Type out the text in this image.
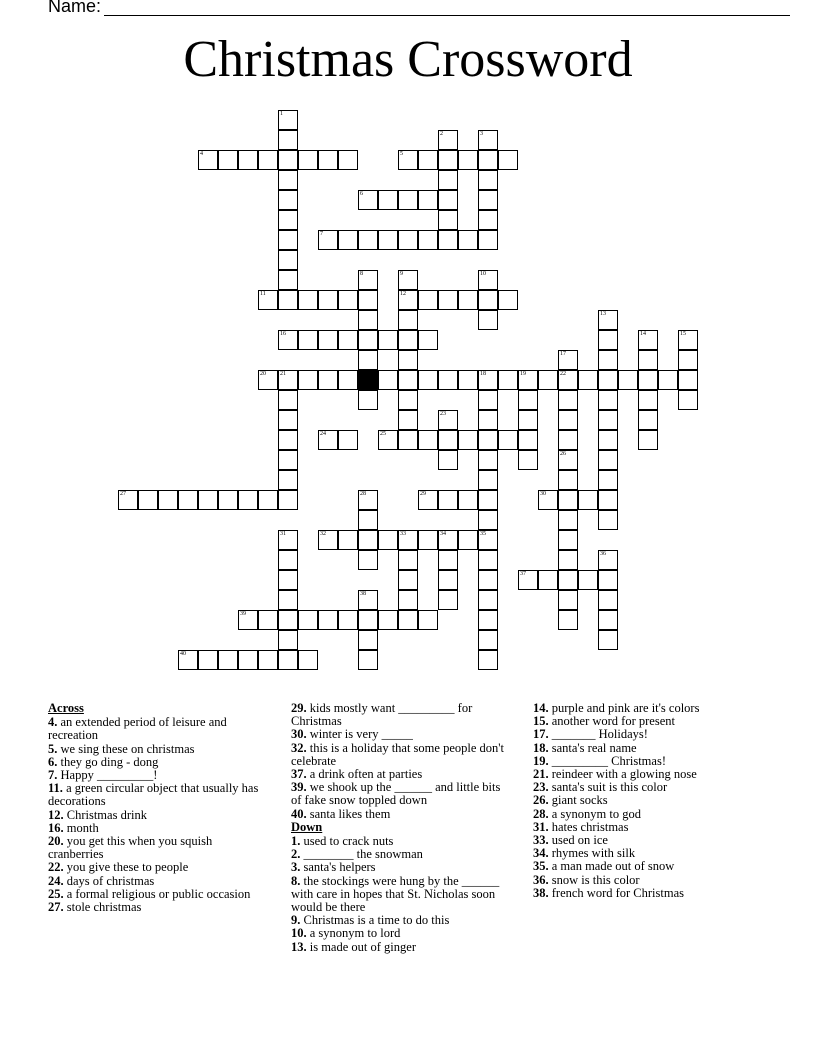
Name:
Christmas Crossword
4	5
6
7
11	12
16
20 21	18	19	22
24	25
27	29	30
32	33	34	35
37
39
40
1
2	3
8	9	10
13
14	15
17
23
26
28
31
36
38
Across
4. an extended period of leisure and recreation
5. we sing these on christmas
6. they go ding - dong
7. Happy _________!
11. a green circular object that usually has decorations
12. Christmas drink
16. month
20. you get this when you squish cranberries
22. you give these to people
24. days of christmas
25. a formal religious or public occasion
27. stole christmas
29. kids mostly want _________ for Christmas
30. winter is very _____
32. this is a holiday that some people don't celebrate
37. a drink often at parties
39. we shook up the ______ and little bits of fake snow toppled down
40. santa likes them
Down
1. used to crack nuts
2. ________ the snowman
3. santa's helpers
8. the stockings were hung by the ______ with care in hopes that St. Nicholas soon would be there
9. Christmas is a time to do this
10. a synonym to lord
13. is made out of ginger
14. purple and pink are it's colors
15. another word for present
17. _______ Holidays!
18. santa's real name
19. _________ Christmas!
21. reindeer with a glowing nose
23. santa's suit is this color
26. giant socks
28. a synonym to god
31. hates christmas
33. used on ice
34. rhymes with silk
35. a man made out of snow
36. snow is this color
38. french word for Christmas
